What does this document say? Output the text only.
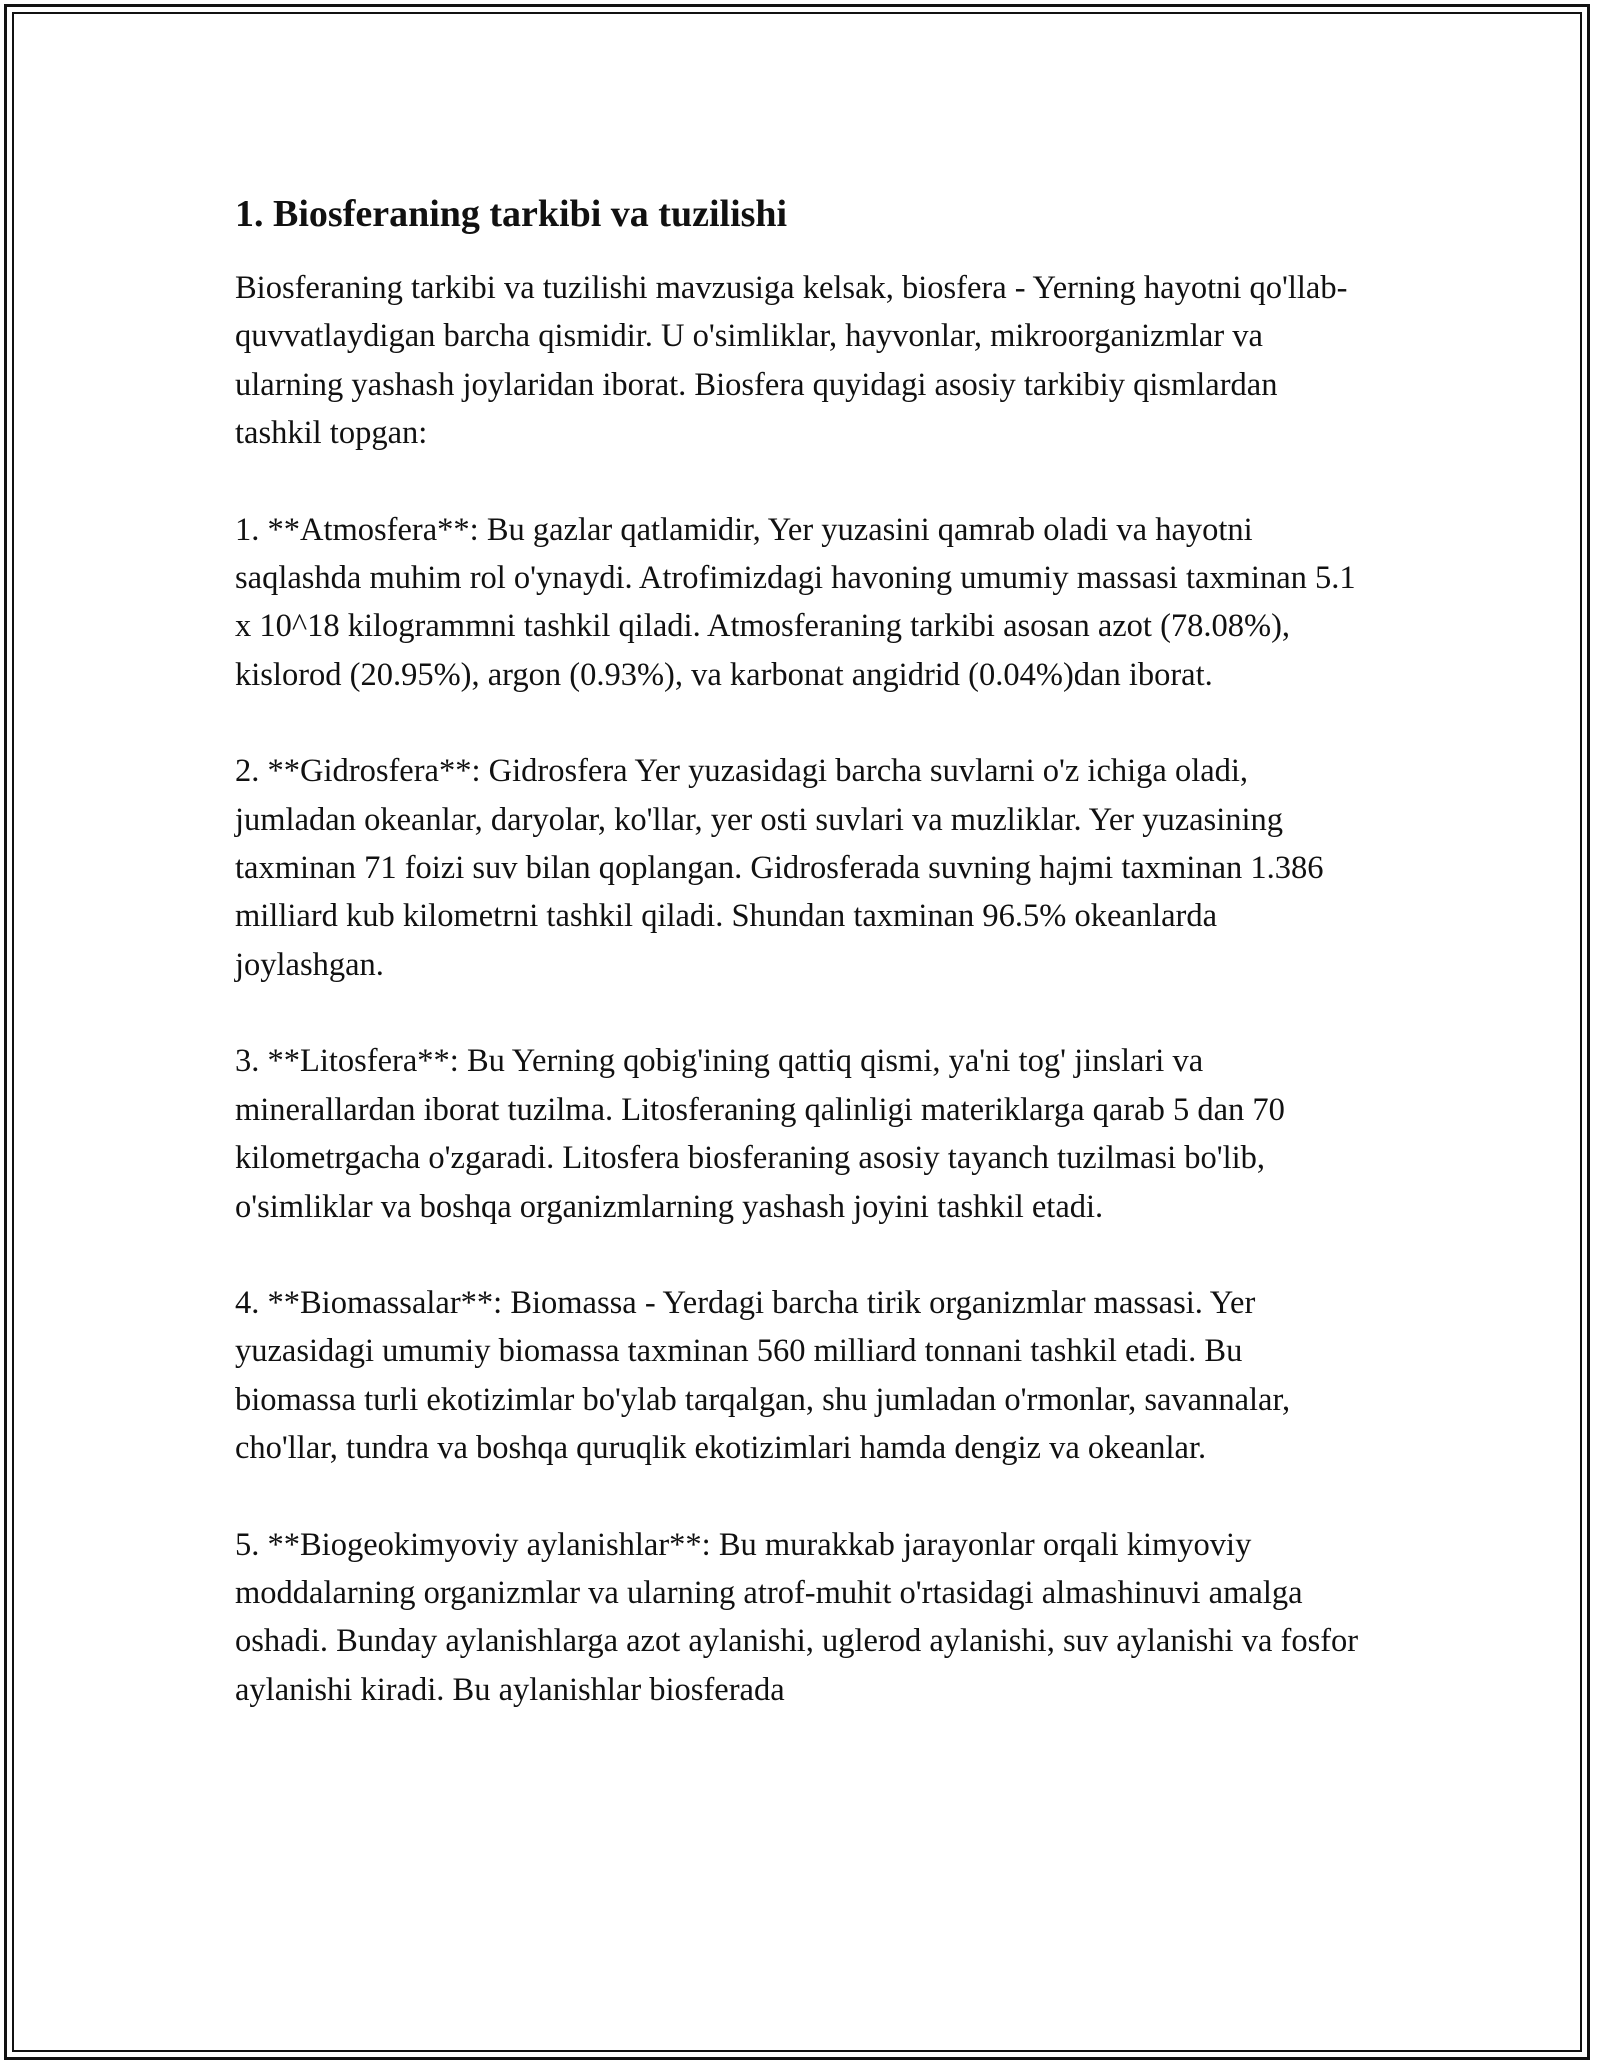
1. Biosferaning tarkibi va tuzilishi

Biosferaning tarkibi va tuzilishi mavzusiga kelsak, biosfera - Yerning hayotni qo'llab-quvvatlaydigan barcha qismidir. U o'simliklar, hayvonlar, mikroorganizmlar va ularning yashash joylaridan iborat. Biosfera quyidagi asosiy tarkibiy qismlardan tashkil topgan:

1. **Atmosfera**: Bu gazlar qatlamidir, Yer yuzasini qamrab oladi va hayotni saqlashda muhim rol o'ynaydi. Atrofimizdagi havoning umumiy massasi taxminan 5.1 x 10^18 kilogrammni tashkil qiladi. Atmosferaning tarkibi asosan azot (78.08%), kislorod (20.95%), argon (0.93%), va karbonat angidrid (0.04%)dan iborat.

2. **Gidrosfera**: Gidrosfera Yer yuzasidagi barcha suvlarni o'z ichiga oladi, jumladan okeanlar, daryolar, ko'llar, yer osti suvlari va muzliklar. Yer yuzasining taxminan 71 foizi suv bilan qoplangan. Gidrosferada suvning hajmi taxminan 1.386 milliard kub kilometrni tashkil qiladi. Shundan taxminan 96.5% okeanlarda joylashgan.

3. **Litosfera**: Bu Yerning qobig'ining qattiq qismi, ya'ni tog' jinslari va minerallardan iborat tuzilma. Litosferaning qalinligi materiklarga qarab 5 dan 70 kilometrgacha o'zgaradi. Litosfera biosferaning asosiy tayanch tuzilmasi bo'lib, o'simliklar va boshqa organizmlarning yashash joyini tashkil etadi.

4. **Biomassalar**: Biomassa - Yerdagi barcha tirik organizmlar massasi. Yer yuzasidagi umumiy biomassa taxminan 560 milliard tonnani tashkil etadi. Bu biomassa turli ekotizimlar bo'ylab tarqalgan, shu jumladan o'rmonlar, savannalar, cho'llar, tundra va boshqa quruqlik ekotizimlari hamda dengiz va okeanlar.

5. **Biogeokimyoviy aylanishlar**: Bu murakkab jarayonlar orqali kimyoviy moddalarning organizmlar va ularning atrof-muhit o'rtasidagi almashinuvi amalga oshadi. Bunday aylanishlarga azot aylanishi, uglerod aylanishi, suv aylanishi va fosfor aylanishi kiradi. Bu aylanishlar biosferada
